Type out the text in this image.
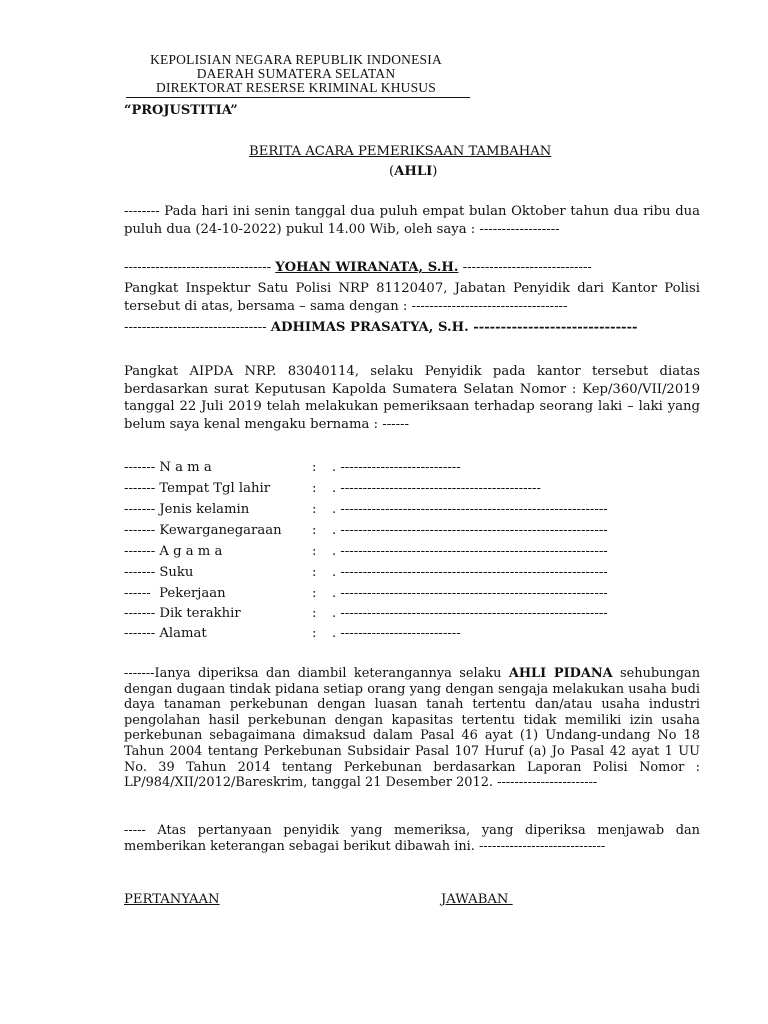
KEPOLISIAN NEGARA REPUBLIK INDONESIA
DAERAH SUMATERA SELATAN
DIREKTORAT RESERSE KRIMINAL KHUSUS
“PROJUSTITIA”
BERITA ACARA PEMERIKSAAN TAMBAHAN
(AHLI)
-------- Pada hari ini senin tanggal dua puluh empat bulan Oktober tahun dua ribu dua puluh dua (24-10-2022) pukul 14.00 Wib, oleh saya : ------------------
--------------------------------- YOHAN WIRANATA, S.H. -----------------------------
Pangkat Inspektur Satu Polisi NRP 81120407, Jabatan Penyidik dari Kantor Polisi tersebut di atas, bersama – sama dengan : -----------------------------------
-------------------------------- ADHIMAS PRASATYA, S.H. ------------------------------
Pangkat AIPDA NRP. 83040114, selaku Penyidik pada kantor tersebut diatas berdasarkan surat Keputusan Kapolda Sumatera Selatan Nomor : Kep/360/VII/2019 tanggal 22 Juli 2019 telah melakukan pemeriksaan terhadap seorang laki – laki yang belum saya kenal mengaku bernama : ------
------- N a m a	: . ---------------------------
------- Tempat Tgl lahir	: . ---------------------------------------------
------- Jenis kelamin	: . ------------------------------------------------------------
------- Kewarganegaraan : . ------------------------------------------------------------
------- A g a m a	: . ------------------------------------------------------------
------- Suku	: . ------------------------------------------------------------
------  Pekerjaan	: . ------------------------------------------------------------
------- Dik terakhir	: . ------------------------------------------------------------
------- Alamat	: . ---------------------------
-------Ianya diperiksa dan diambil keterangannya selaku AHLI PIDANA sehubungan dengan dugaan tindak pidana setiap orang yang dengan sengaja melakukan usaha budi daya tanaman perkebunan dengan luasan tanah tertentu dan/atau usaha industri pengolahan hasil perkebunan dengan kapasitas tertentu tidak memiliki izin usaha perkebunan sebagaimana dimaksud dalam Pasal 46 ayat (1) Undang-undang No 18 Tahun 2004 tentang Perkebunan Subsidair Pasal 107 Huruf (a) Jo Pasal 42 ayat 1 UU No. 39 Tahun 2014 tentang Perkebunan berdasarkan Laporan Polisi Nomor : LP/984/XII/2012/Bareskrim, tanggal 21 Desember 2012. -----------------------
----- Atas pertanyaan penyidik yang memeriksa, yang diperiksa menjawab dan memberikan keterangan sebagai berikut dibawah ini. -----------------------------
PERTANYAAN	JAWABAN
